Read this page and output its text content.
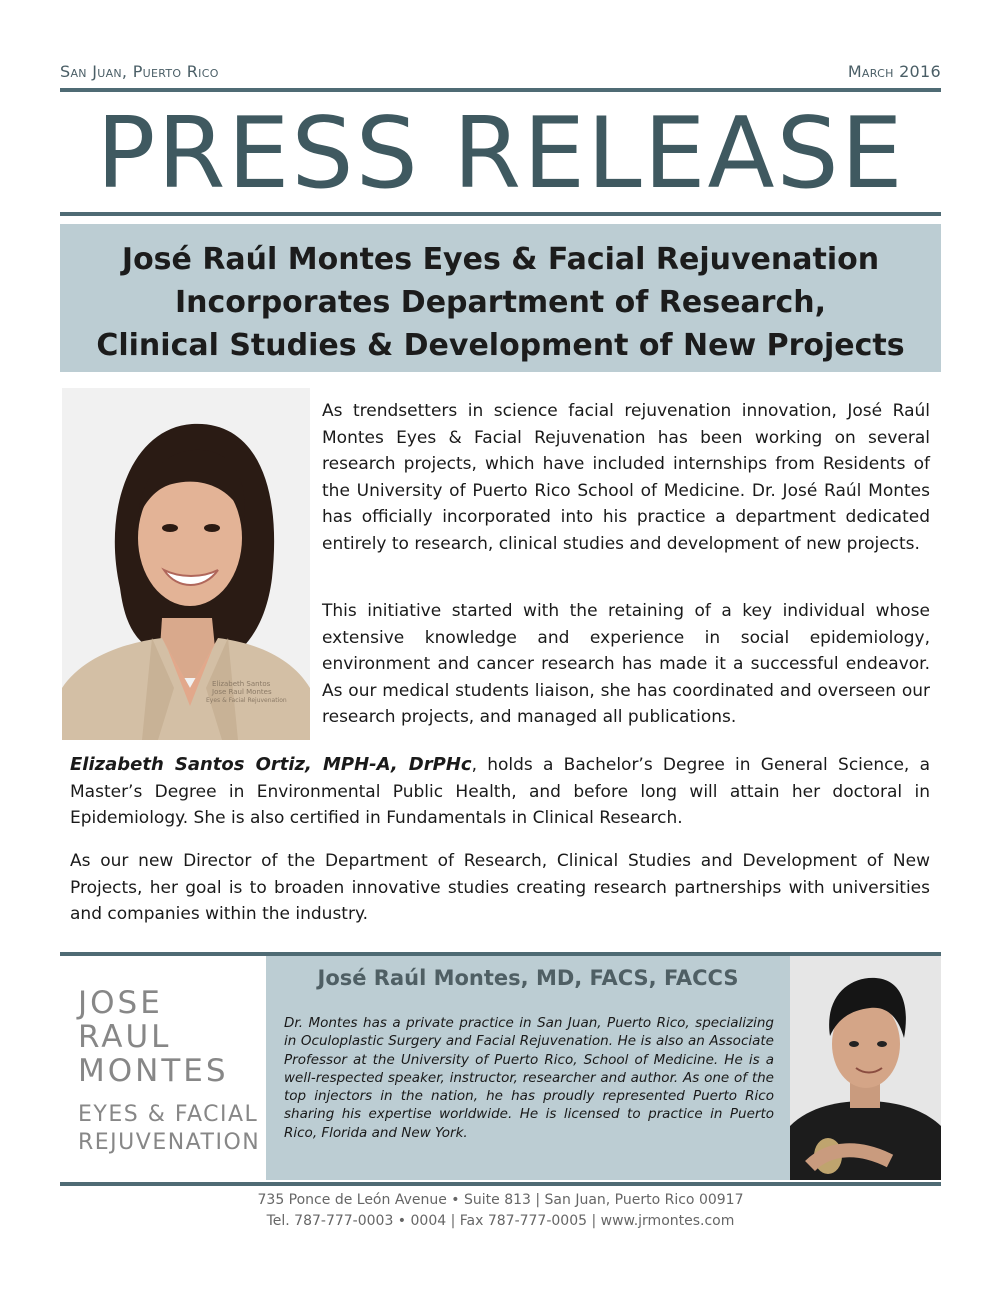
San Juan, Puerto Rico	March 2016
PRESS RELEASE
José Raúl Montes Eyes & Facial Rejuvenation
Incorporates Department of Research,
Clinical Studies & Development of New Projects
Elizabeth Santos
Jose Raul Montes
Eyes & Facial Rejuvenation

As trendsetters in science facial rejuvenation innovation, José Raúl Montes Eyes & Facial Rejuvenation has been working on several research projects, which have included internships from Residents of the University of Puerto Rico School of Medicine. Dr. José Raúl Montes has officially incorporated into his practice a department dedicated entirely to research, clinical studies and development of new projects.

This initiative started with the retaining of a key individual whose extensive knowledge and experience in social epidemiology, environment and cancer research has made it a successful endeavor. As our medical students liaison, she has coordinated and overseen our research projects, and managed all publications.

Elizabeth Santos Ortiz, MPH-A, DrPHc, holds a Bachelor’s Degree in General Science, a Master’s Degree in Environmental Public Health, and before long will attain her doctoral in Epidemiology. She is also certified in Fundamentals in Clinical Research.

As our new Director of the Department of Research, Clinical Studies and Development of New Projects, her goal is to broaden innovative studies creating research partnerships with universities and companies within the industry.

JOSE
RAUL
MONTES
EYES & FACIAL
REJUVENATION
José Raúl Montes, MD, FACS, FACCS
Dr. Montes has a private practice in San Juan, Puerto Rico, specializing in Oculoplastic Surgery and Facial Rejuvenation. He is also an Associate Professor at the University of Puerto Rico, School of Medicine. He is a well-respected speaker, instructor, researcher and author. As one of the top injectors in the nation, he has proudly represented Puerto Rico sharing his expertise worldwide. He is licensed to practice in Puerto Rico, Florida and New York.
735 Ponce de León Avenue • Suite 813 | San Juan, Puerto Rico 00917
Tel. 787-777-0003 • 0004 | Fax 787-777-0005 | www.jrmontes.com
